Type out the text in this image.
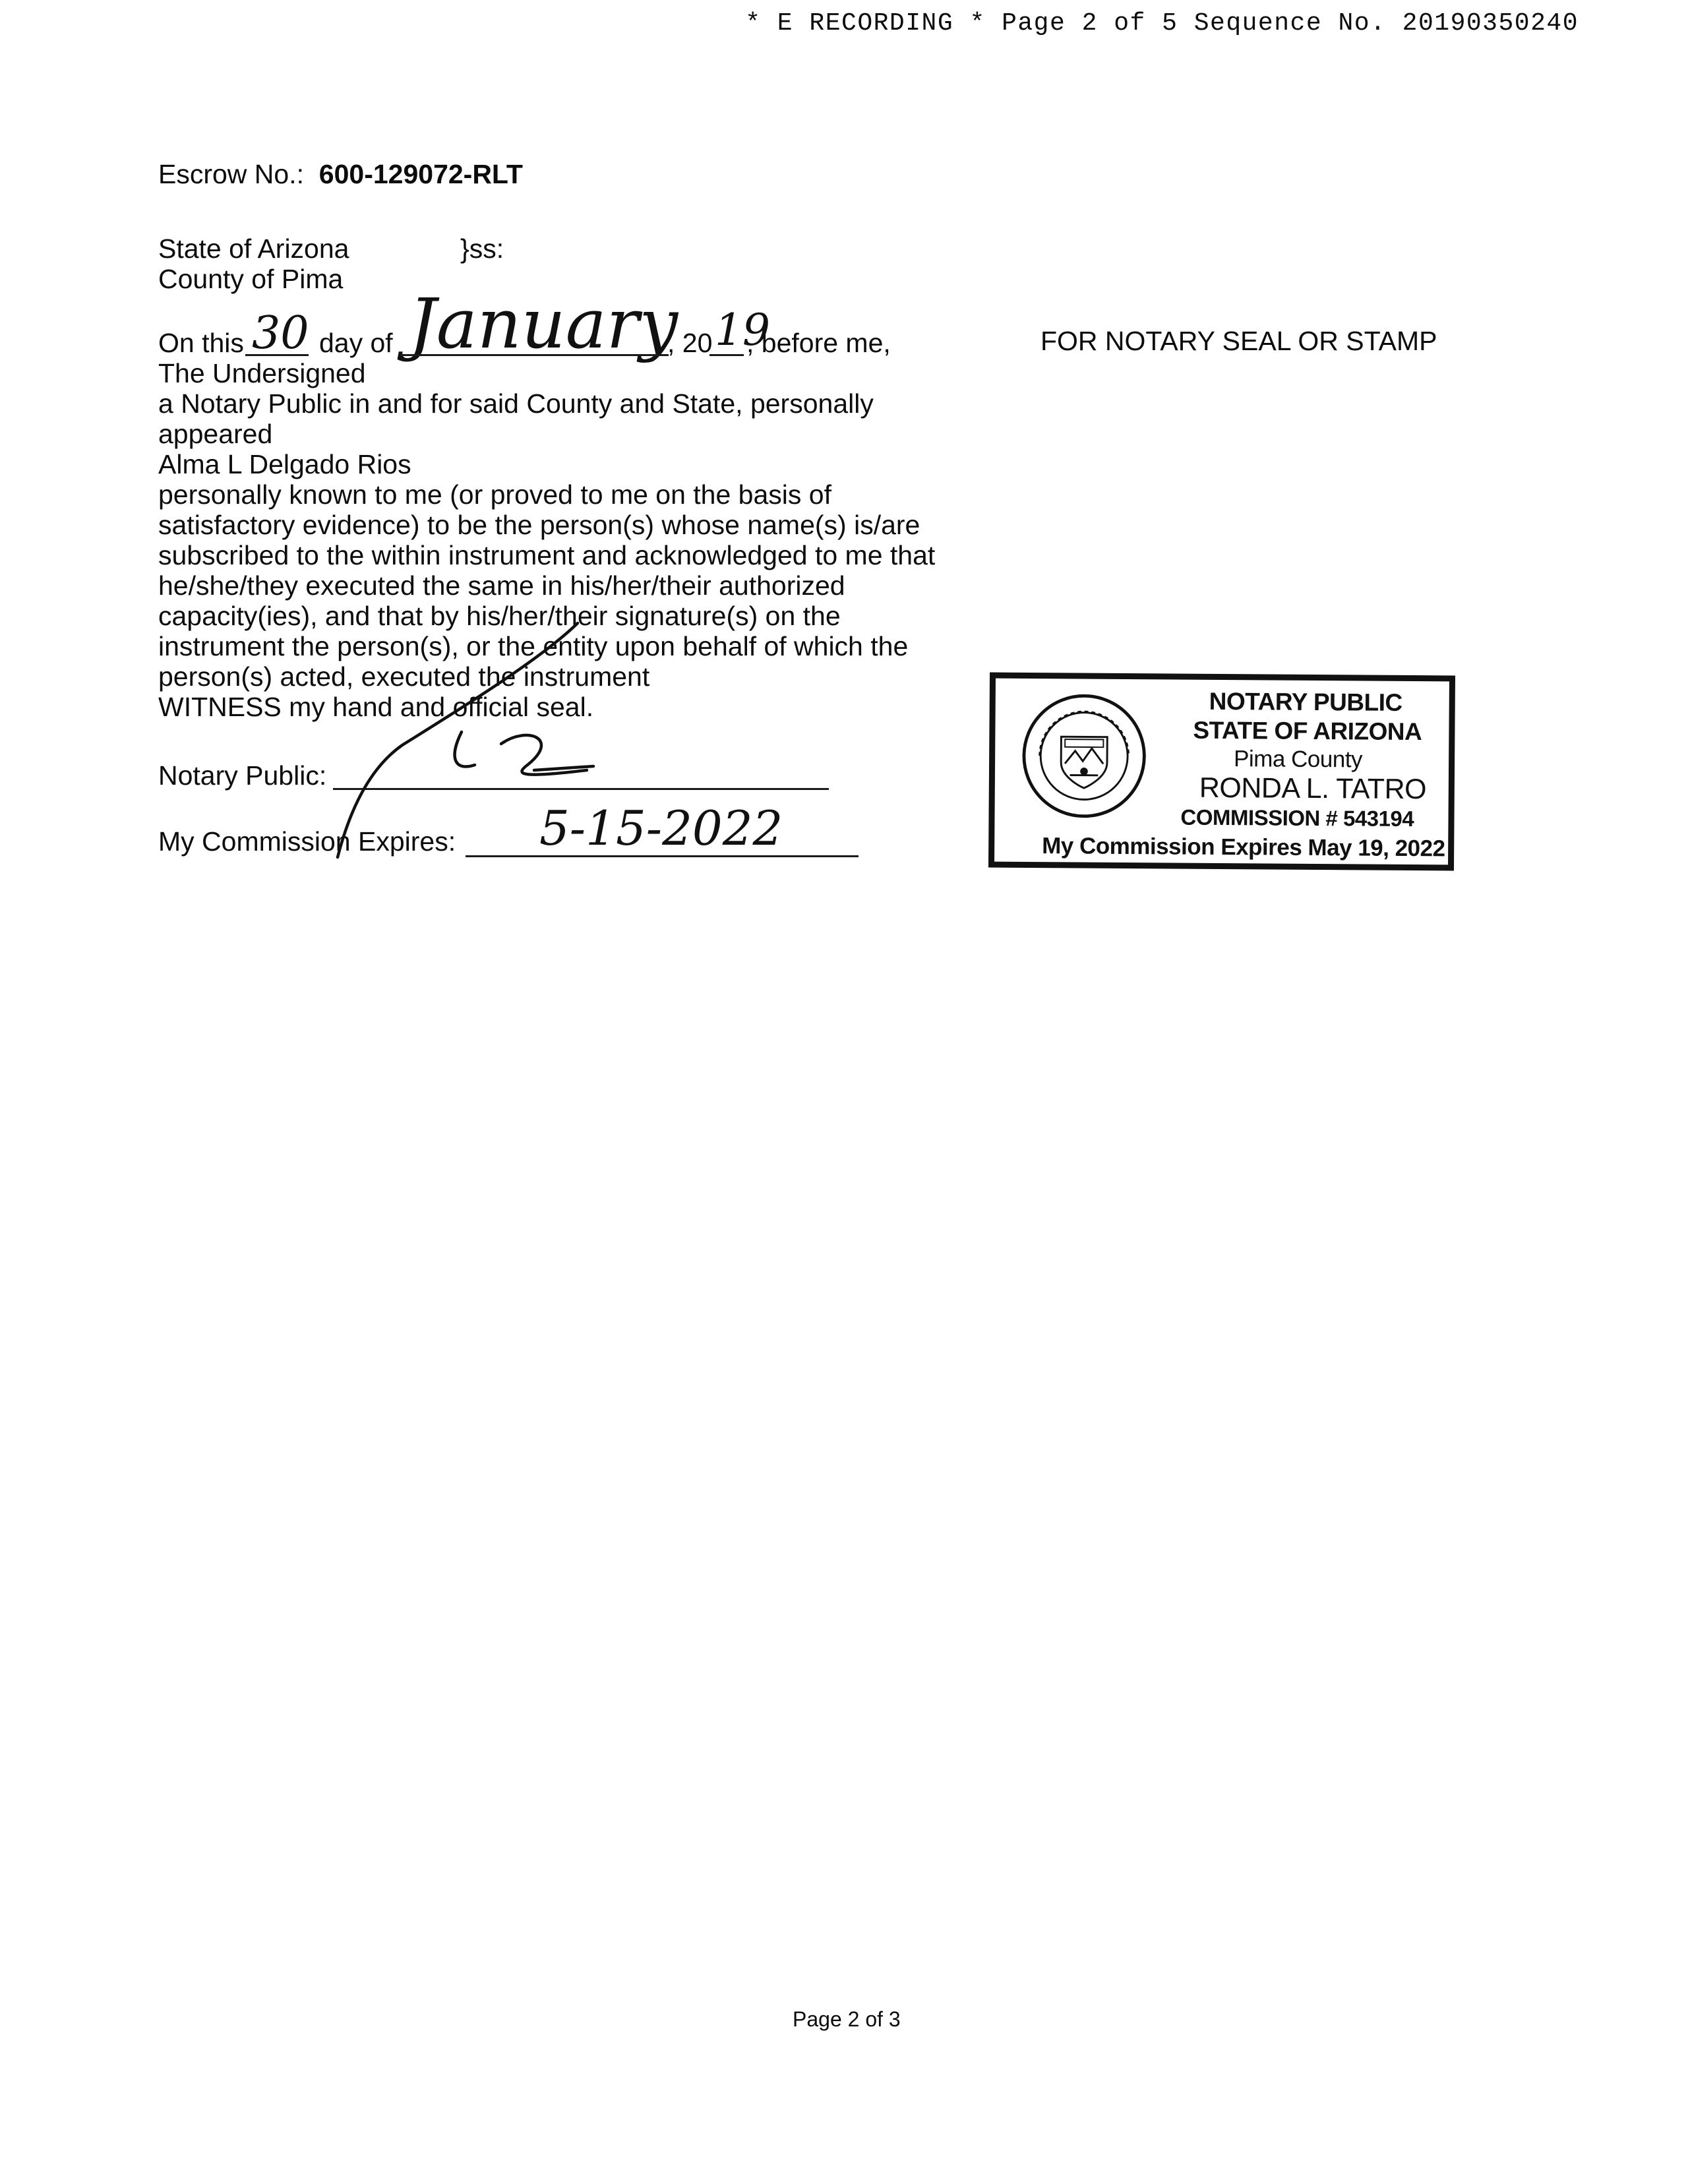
* E RECORDING * Page 2 of 5 Sequence No. 20190350240
Escrow No.: 600-129072-RLT
State of Arizona	}ss:
County of Pima
On this 30 day of January
, 20 19
, before me,
The Undersigned
a Notary Public in and for said County and State, personally
appeared
Alma L Delgado Rios
personally known to me (or proved to me on the basis of
satisfactory evidence) to be the person(s) whose name(s) is/are
subscribed to the within instrument and acknowledged to me that
he/she/they executed the same in his/her/their authorized
capacity(ies), and that by his/her/their signature(s) on the
instrument the person(s), or the entity upon behalf of which the
person(s) acted, executed the instrument
WITNESS my hand and official seal.
Notary Public:
My Commission Expires: 5-15-2022
FOR NOTARY SEAL OR STAMP
NOTARY PUBLIC
STATE OF ARIZONA
Pima County
RONDA L. TATRO
COMMISSION # 543194
My Commission Expires May 19, 2022
Page 2 of 3
